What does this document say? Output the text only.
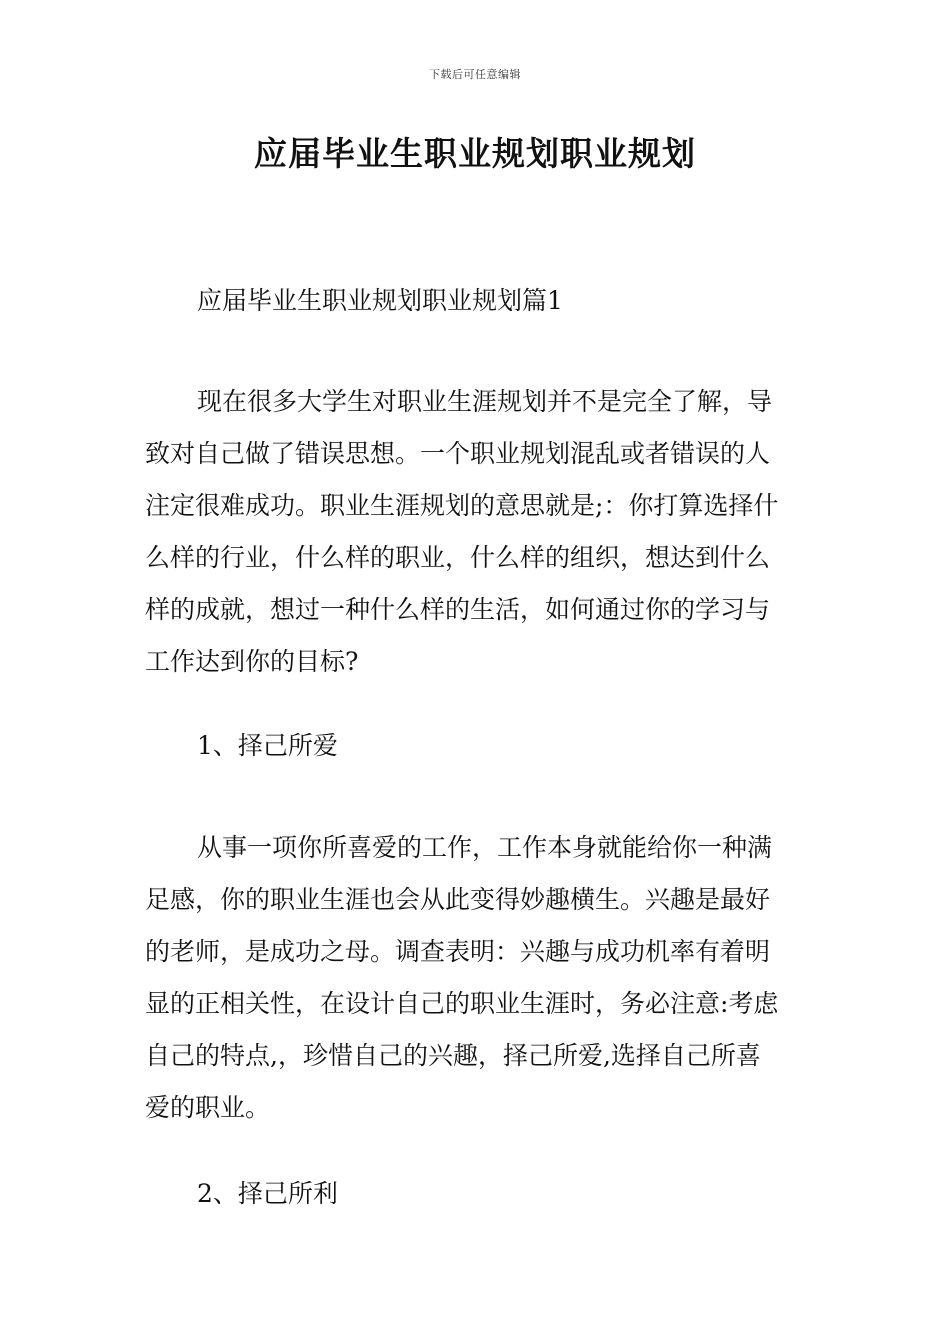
下载后可任意编辑
应届毕业生职业规划职业规划

应届毕业生职业规划职业规划篇1

现在很多大学生对职业生涯规划并不是完全了解，导
致对自己做了错误思想。一个职业规划混乱或者错误的人
注定很难成功。职业生涯规划的意思就是;：你打算选择什
么样的行业，什么样的职业，什么样的组织，想达到什么
样的成就，想过一种什么样的生活，如何通过你的学习与
工作达到你的目标?

1、择己所爱

从事一项你所喜爱的工作，工作本身就能给你一种满
足感，你的职业生涯也会从此变得妙趣横生。兴趣是最好
的老师，是成功之母。调查表明：兴趣与成功机率有着明
显的正相关性，在设计自己的职业生涯时，务必注意:考虑
自己的特点,，珍惜自己的兴趣，择己所爱,选择自己所喜
爱的职业。

2、择己所利
